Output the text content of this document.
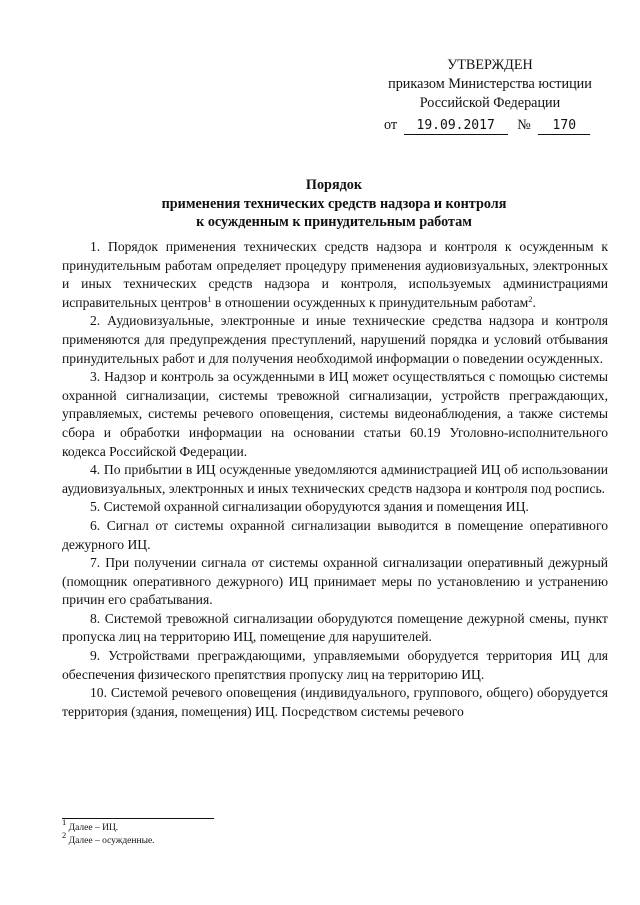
УТВЕРЖДЕН
приказом Министерства юстиции
Российской Федерации
от 19.09.2017 № 170
Порядок
применения технических средств надзора и контроля
к осужденным к принудительным работам

1. Порядок применения технических средств надзора и контроля к осужденным к принудительным работам определяет процедуру применения аудиовизуальных, электронных и иных технических средств надзора и контроля, используемых администрациями исправительных центров$^1$ в отношении осужденных к принудительным работам$^2$.

2. Аудиовизуальные, электронные и иные технические средства надзора и контроля применяются для предупреждения преступлений, нарушений порядка и условий отбывания принудительных работ и для получения необходимой информации о поведении осужденных.

3. Надзор и контроль за осужденными в ИЦ может осуществляться с помощью системы охранной сигнализации, системы тревожной сигнализации, устройств преграждающих, управляемых, системы речевого оповещения, системы видеонаблюдения, а также системы сбора и обработки информации на основании статьи 60.19 Уголовно-исполнительного кодекса Российской Федерации.

4. По прибытии в ИЦ осужденные уведомляются администрацией ИЦ об использовании аудиовизуальных, электронных и иных технических средств надзора и контроля под роспись.

5. Системой охранной сигнализации оборудуются здания и помещения ИЦ.

6. Сигнал от системы охранной сигнализации выводится в помещение оперативного дежурного ИЦ.

7. При получении сигнала от системы охранной сигнализации оперативный дежурный (помощник оперативного дежурного) ИЦ принимает меры по установлению и устранению причин его срабатывания.

8. Системой тревожной сигнализации оборудуются помещение дежурной смены, пункт пропуска лиц на территорию ИЦ, помещение для нарушителей.

9. Устройствами преграждающими, управляемыми оборудуется территория ИЦ для обеспечения физического препятствия пропуску лиц на территорию ИЦ.

10. Системой речевого оповещения (индивидуального, группового, общего) оборудуется территория (здания, помещения) ИЦ. Посредством системы речевого

1 Далее – ИЦ.
2 Далее – осужденные.
